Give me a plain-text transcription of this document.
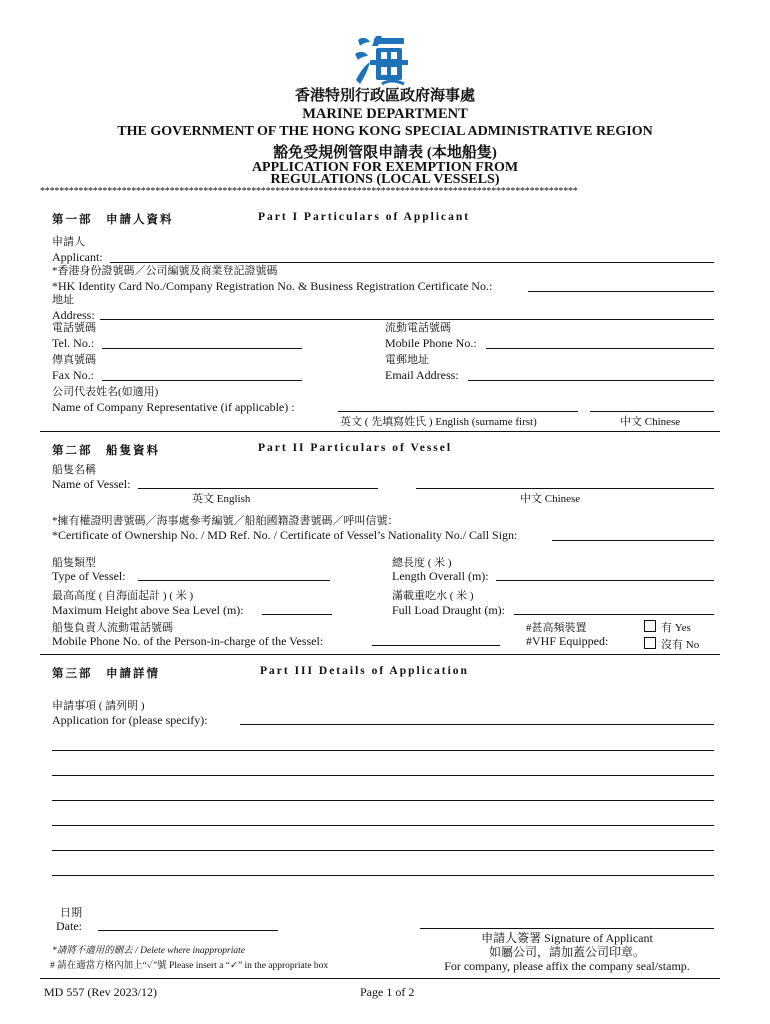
香港特別行政區政府海事處
MARINE DEPARTMENT
THE GOVERNMENT OF THE HONG KONG SPECIAL ADMINISTRATIVE REGION
豁免受規例管限申請表 (本地船隻)
APPLICATION FOR EXEMPTION FROM
REGULATIONS (LOCAL VESSELS)
****************************************************************************************************************
第一部　申請人資料	Part I Particulars of Applicant
申請人
Applicant:
*香港身份證號碼／公司編號及商業登記證號碼
*HK Identity Card No./Company Registration No. & Business Registration Certificate No.:
地址
Address:
電話號碼
Tel. No.:
流動電話號碼
Mobile Phone No.:
傳真號碼
Fax No.:
電郵地址
Email Address:
公司代表姓名(如適用)
Name of Company Representative (if applicable) :
英文 ( 先填寫姓氏 ) English (surname first)	中文 Chinese
第二部　船隻資料	Part II Particulars of Vessel
船隻名稱
Name of Vessel:
英文 English	中文 Chinese
*擁有權證明書號碼／海事處參考編號／船舶國籍證書號碼／呼叫信號：
*Certificate of Ownership No. / MD Ref. No. / Certificate of Vessel’s Nationality No./ Call Sign:
船隻類型
Type of Vessel:
總長度 ( 米 )
Length Overall (m):
最高高度 ( 自海面起計 ) ( 米 )
Maximum Height above Sea Level (m):
滿載重吃水 ( 米 )
Full Load Draught (m):
船隻負責人流動電話號碼
Mobile Phone No. of the Person-in-charge of the Vessel:
#甚高頻裝置
#VHF Equipped:
有 Yes
沒有 No
第三部　申請詳情	Part III Details of Application
申請事項 ( 請列明 )
Application for (please specify):
日期
Date:
*請將不適用的刪去 / Delete where inappropriate
# 請在適當方格內加上“✓”號 Please insert a “✓” in the appropriate box
申請人簽署 Signature of Applicant
如屬公司，請加蓋公司印章。
For company, please affix the company seal/stamp.
MD 557 (Rev 2023/12)	Page 1 of 2
